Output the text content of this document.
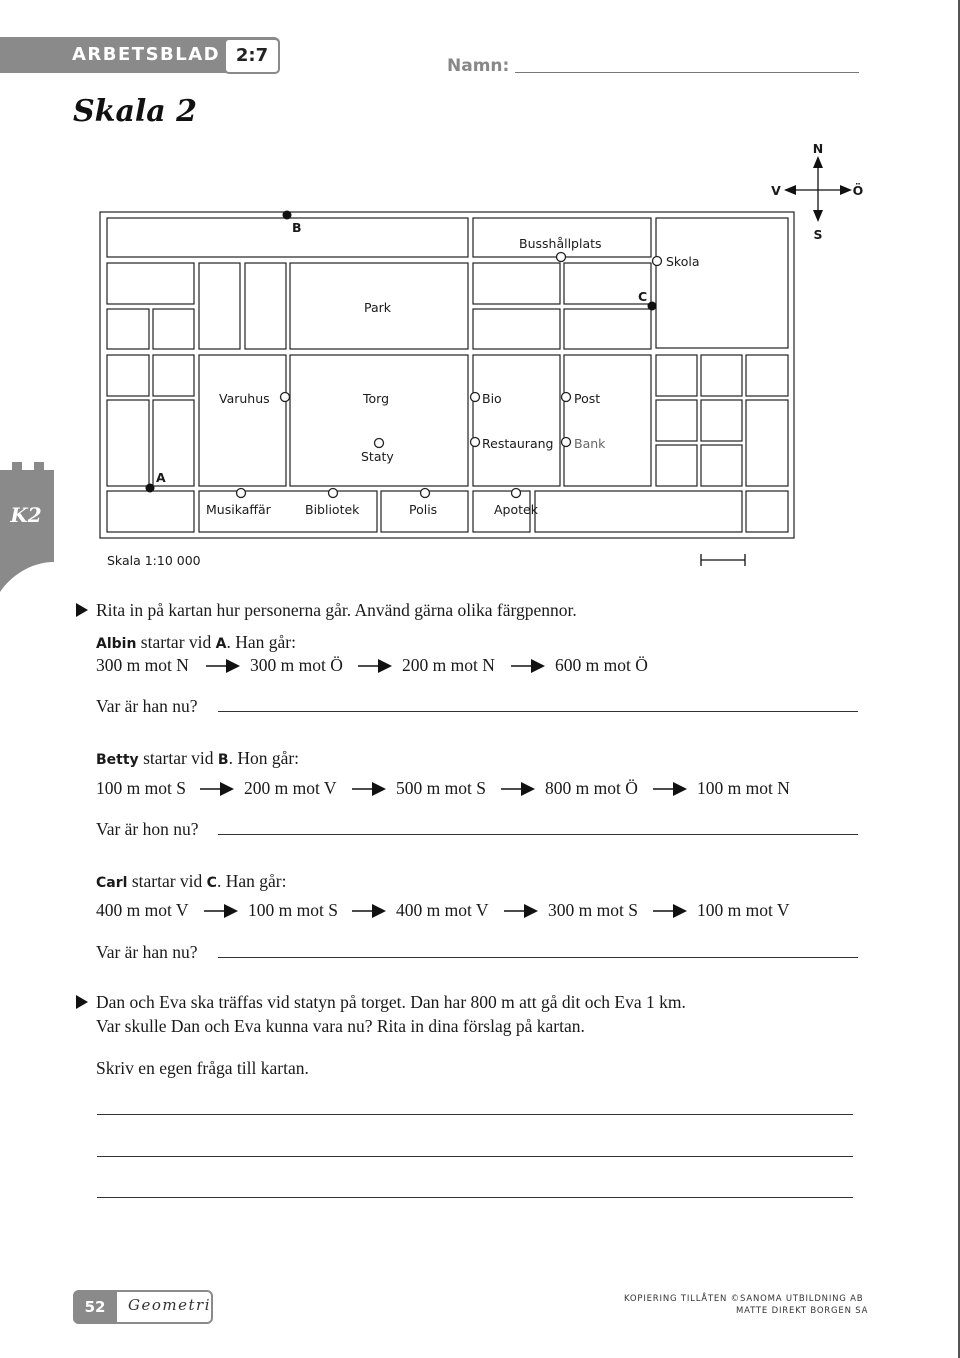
ARBETSBLAD 2:7	Namn:
Skala 2
N
S
V	Ö
K2
B
C
A
Busshållplats
Skola
Park
Varuhus	Torg	Bio	Post
Staty
Restaurang Bank
Musikaffär	Bibliotek	Polis	Apotek
Skala 1:10 000
Rita in på kartan hur personerna går. Använd gärna olika färgpennor.
Albin startar vid A. Han går:
300 m mot N	300 m mot Ö	200 m mot N	600 m mot Ö
Var är han nu?
Betty startar vid B. Hon går:
100 m mot S	200 m mot V	500 m mot S	800 m mot Ö	100 m mot N
Var är hon nu?
Carl startar vid C. Han går:
400 m mot V	100 m mot S	400 m mot V	300 m mot S	100 m mot V
Var är han nu?
Dan och Eva ska träffas vid statyn på torget. Dan har 800 m att gå dit och Eva 1 km.
Var skulle Dan och Eva kunna vara nu? Rita in dina förslag på kartan.
Skriv en egen fråga till kartan.
52	Geometri	KOPIERING TILLÅTEN ©SANOMA UTBILDNING AB
MATTE DIREKT BORGEN SA
